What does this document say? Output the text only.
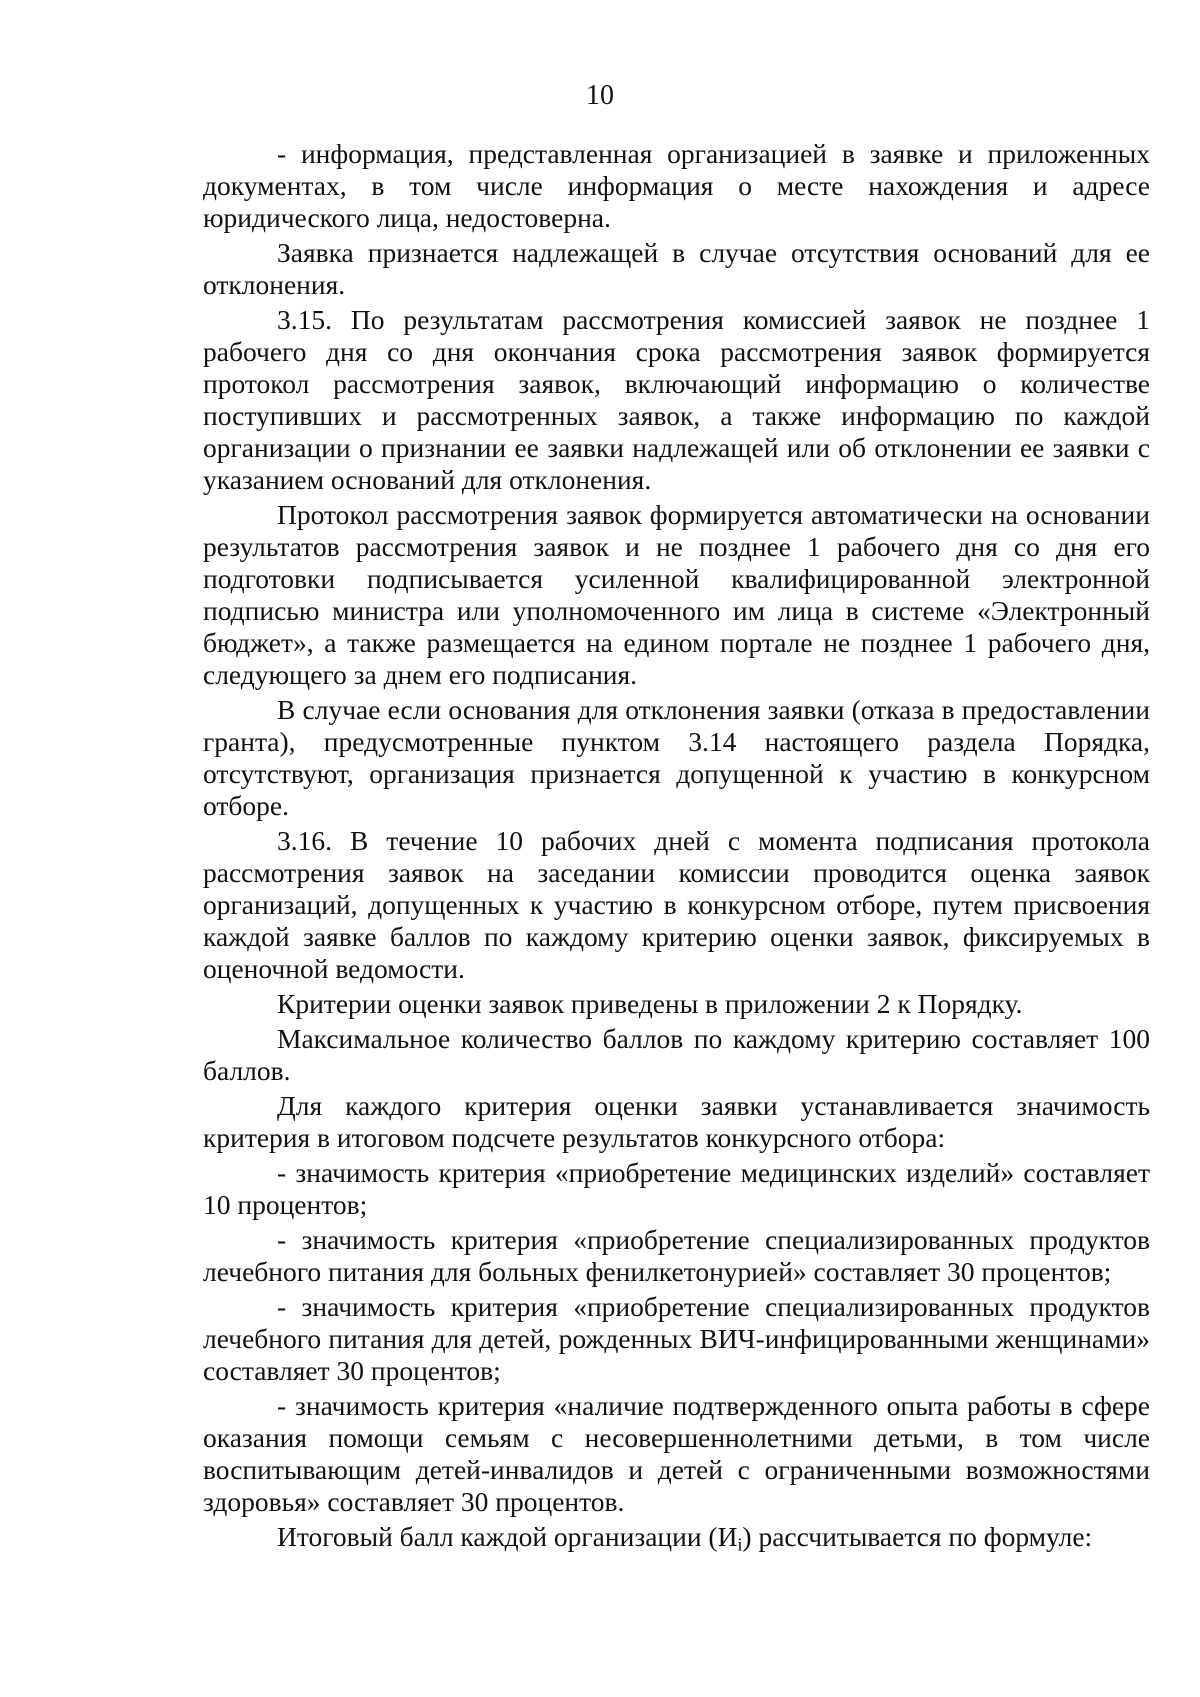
10

- информация, представленная организацией в заявке и приложенных документах, в том числе информация о месте нахождения и адресе юридического лица, недостоверна.

Заявка признается надлежащей в случае отсутствия оснований для ее отклонения.

3.15. По результатам рассмотрения комиссией заявок не позднее 1 рабочего дня со дня окончания срока рассмотрения заявок формируется протокол рассмотрения заявок, включающий информацию о количестве поступивших и рассмотренных заявок, а также информацию по каждой организации о признании ее заявки надлежащей или об отклонении ее заявки с указанием оснований для отклонения.

Протокол рассмотрения заявок формируется автоматически на основании результатов рассмотрения заявок и не позднее 1 рабочего дня со дня его подготовки подписывается усиленной квалифицированной электронной подписью министра или уполномоченного им лица в системе «Электронный бюджет», а также размещается на едином портале не позднее 1 рабочего дня, следующего за днем его подписания.

В случае если основания для отклонения заявки (отказа в предоставлении гранта), предусмотренные пунктом 3.14 настоящего раздела Порядка, отсутствуют, организация признается допущенной к участию в конкурсном отборе.

3.16. В течение 10 рабочих дней с момента подписания протокола рассмотрения заявок на заседании комиссии проводится оценка заявок организаций, допущенных к участию в конкурсном отборе, путем присвоения каждой заявке баллов по каждому критерию оценки заявок, фиксируемых в оценочной ведомости.

Критерии оценки заявок приведены в приложении 2 к Порядку.

Максимальное количество баллов по каждому критерию составляет 100 баллов.

Для каждого критерия оценки заявки устанавливается значимость критерия в итоговом подсчете результатов конкурсного отбора:

- значимость критерия «приобретение медицинских изделий» составляет 10 процентов;

- значимость критерия «приобретение специализированных продуктов лечебного питания для больных фенилкетонурией» составляет 30 процентов;

- значимость критерия «приобретение специализированных продуктов лечебного питания для детей, рожденных ВИЧ-инфицированными женщинами» составляет 30 процентов;

- значимость критерия «наличие подтвержденного опыта работы в сфере оказания помощи семьям с несовершеннолетними детьми, в том числе воспитывающим детей-инвалидов и детей с ограниченными возможностями здоровья» составляет 30 процентов.

Итоговый балл каждой организации $(И_i)$ рассчитывается по формуле:
